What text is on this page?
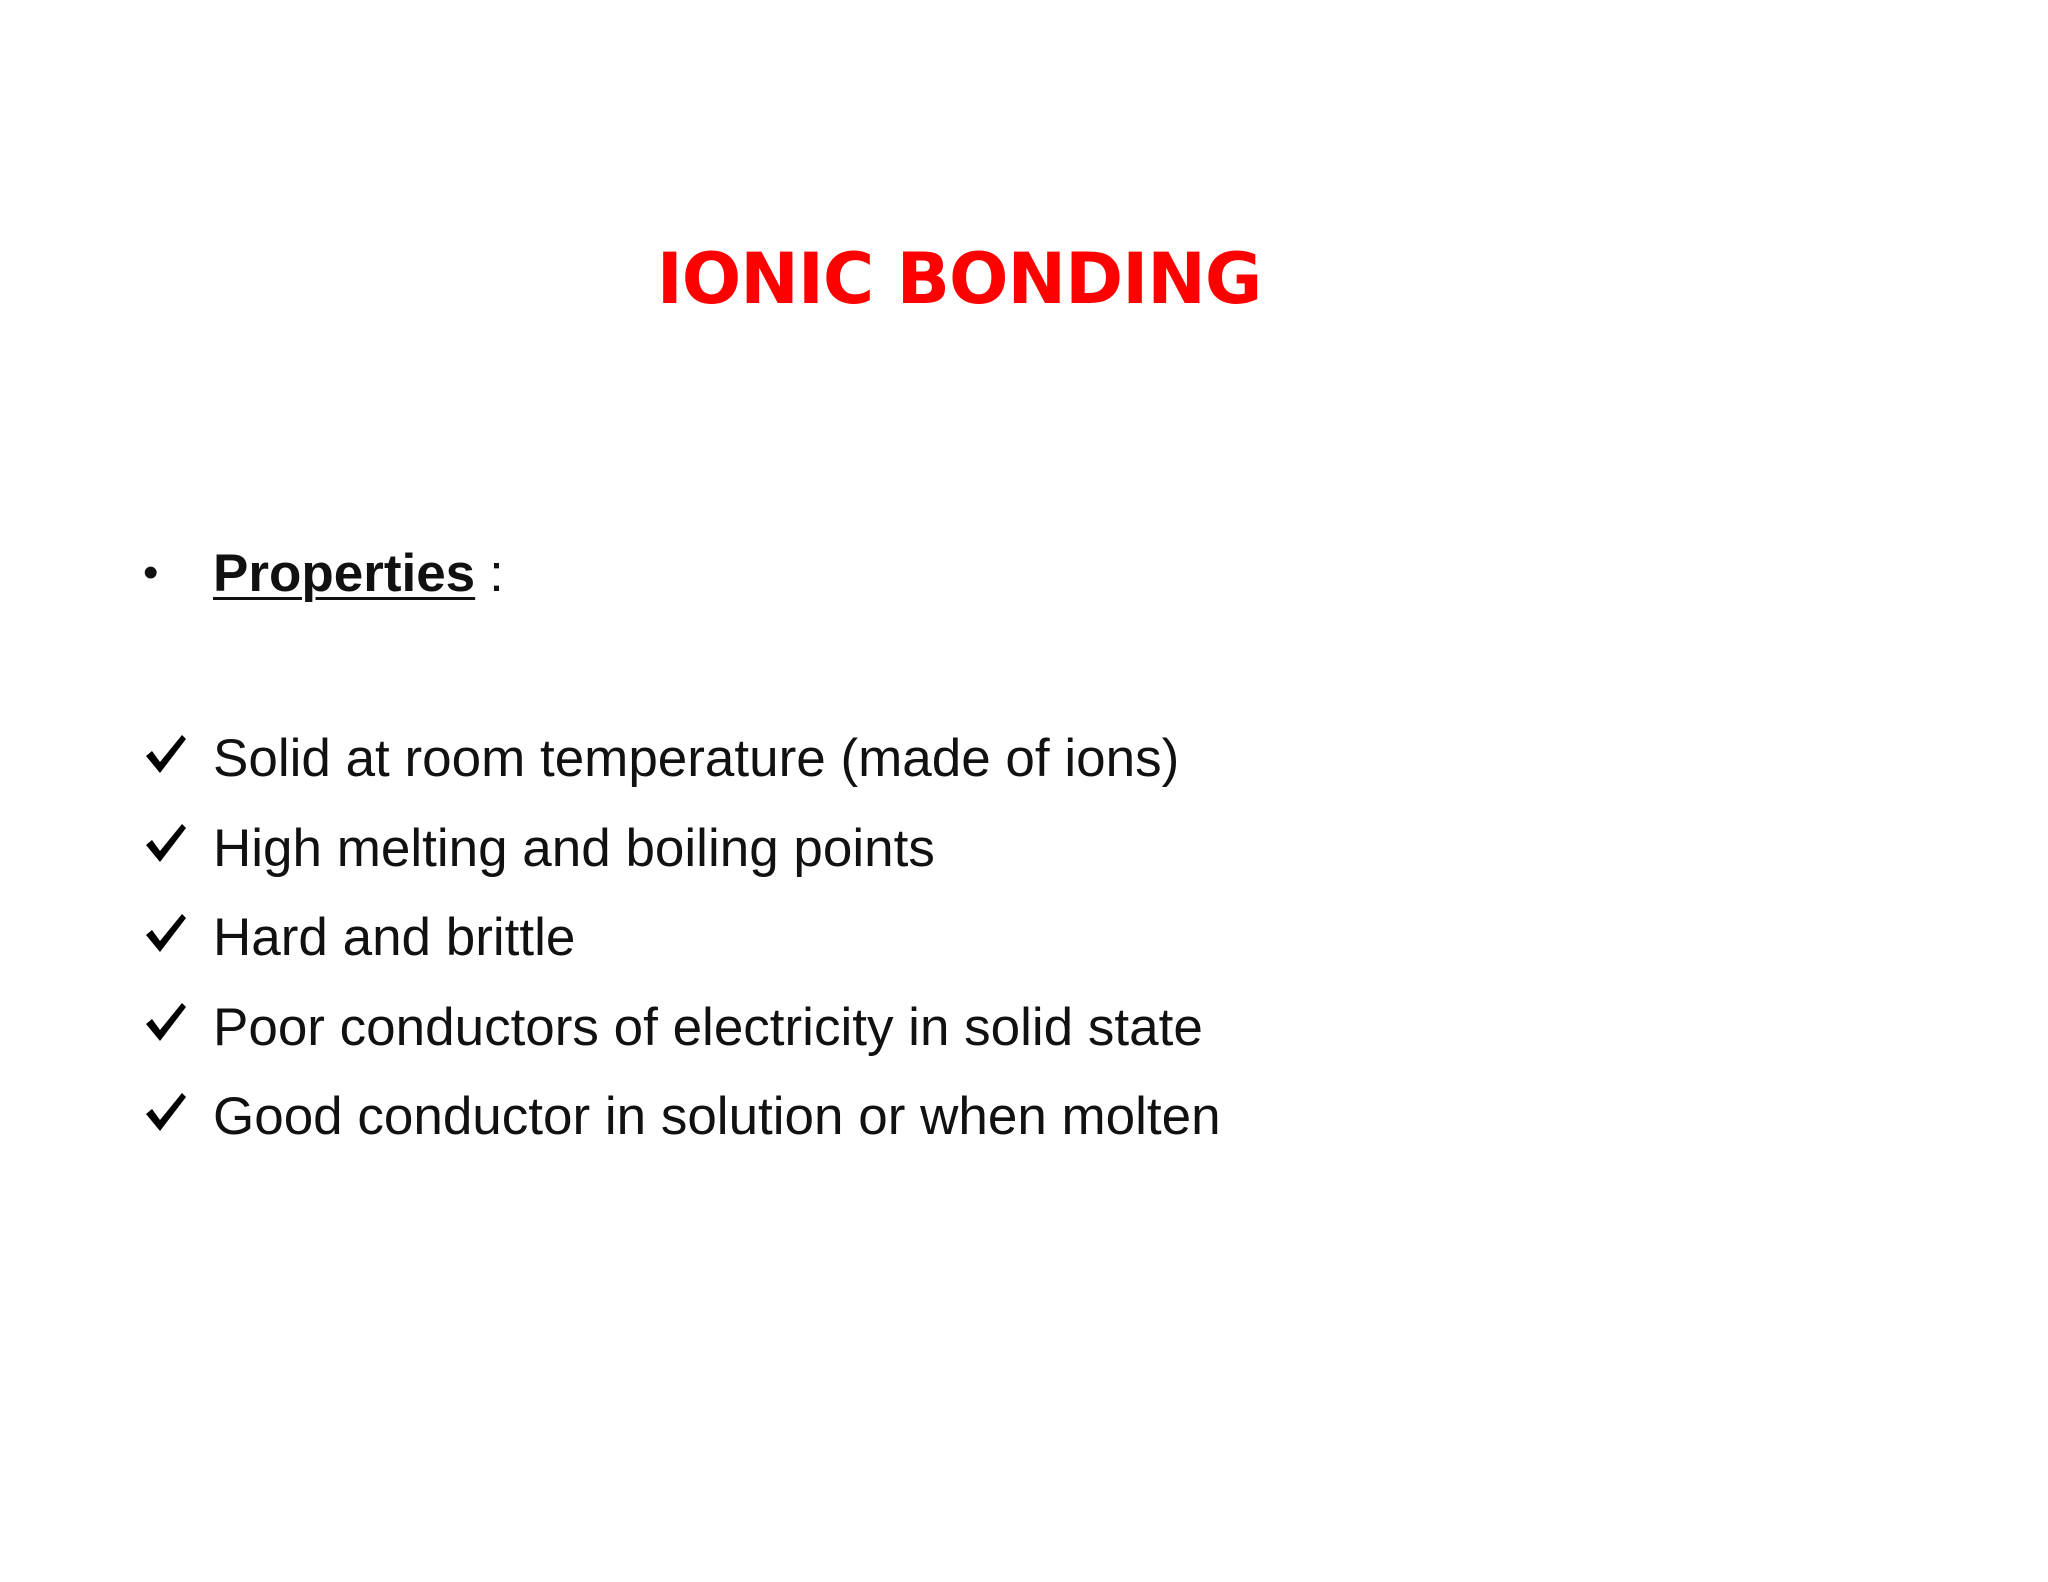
IONIC BONDING
•	Properties :
Solid at room temperature (made of ions)
High melting and boiling points
Hard and brittle
Poor conductors of electricity in solid state
Good conductor in solution or when molten
